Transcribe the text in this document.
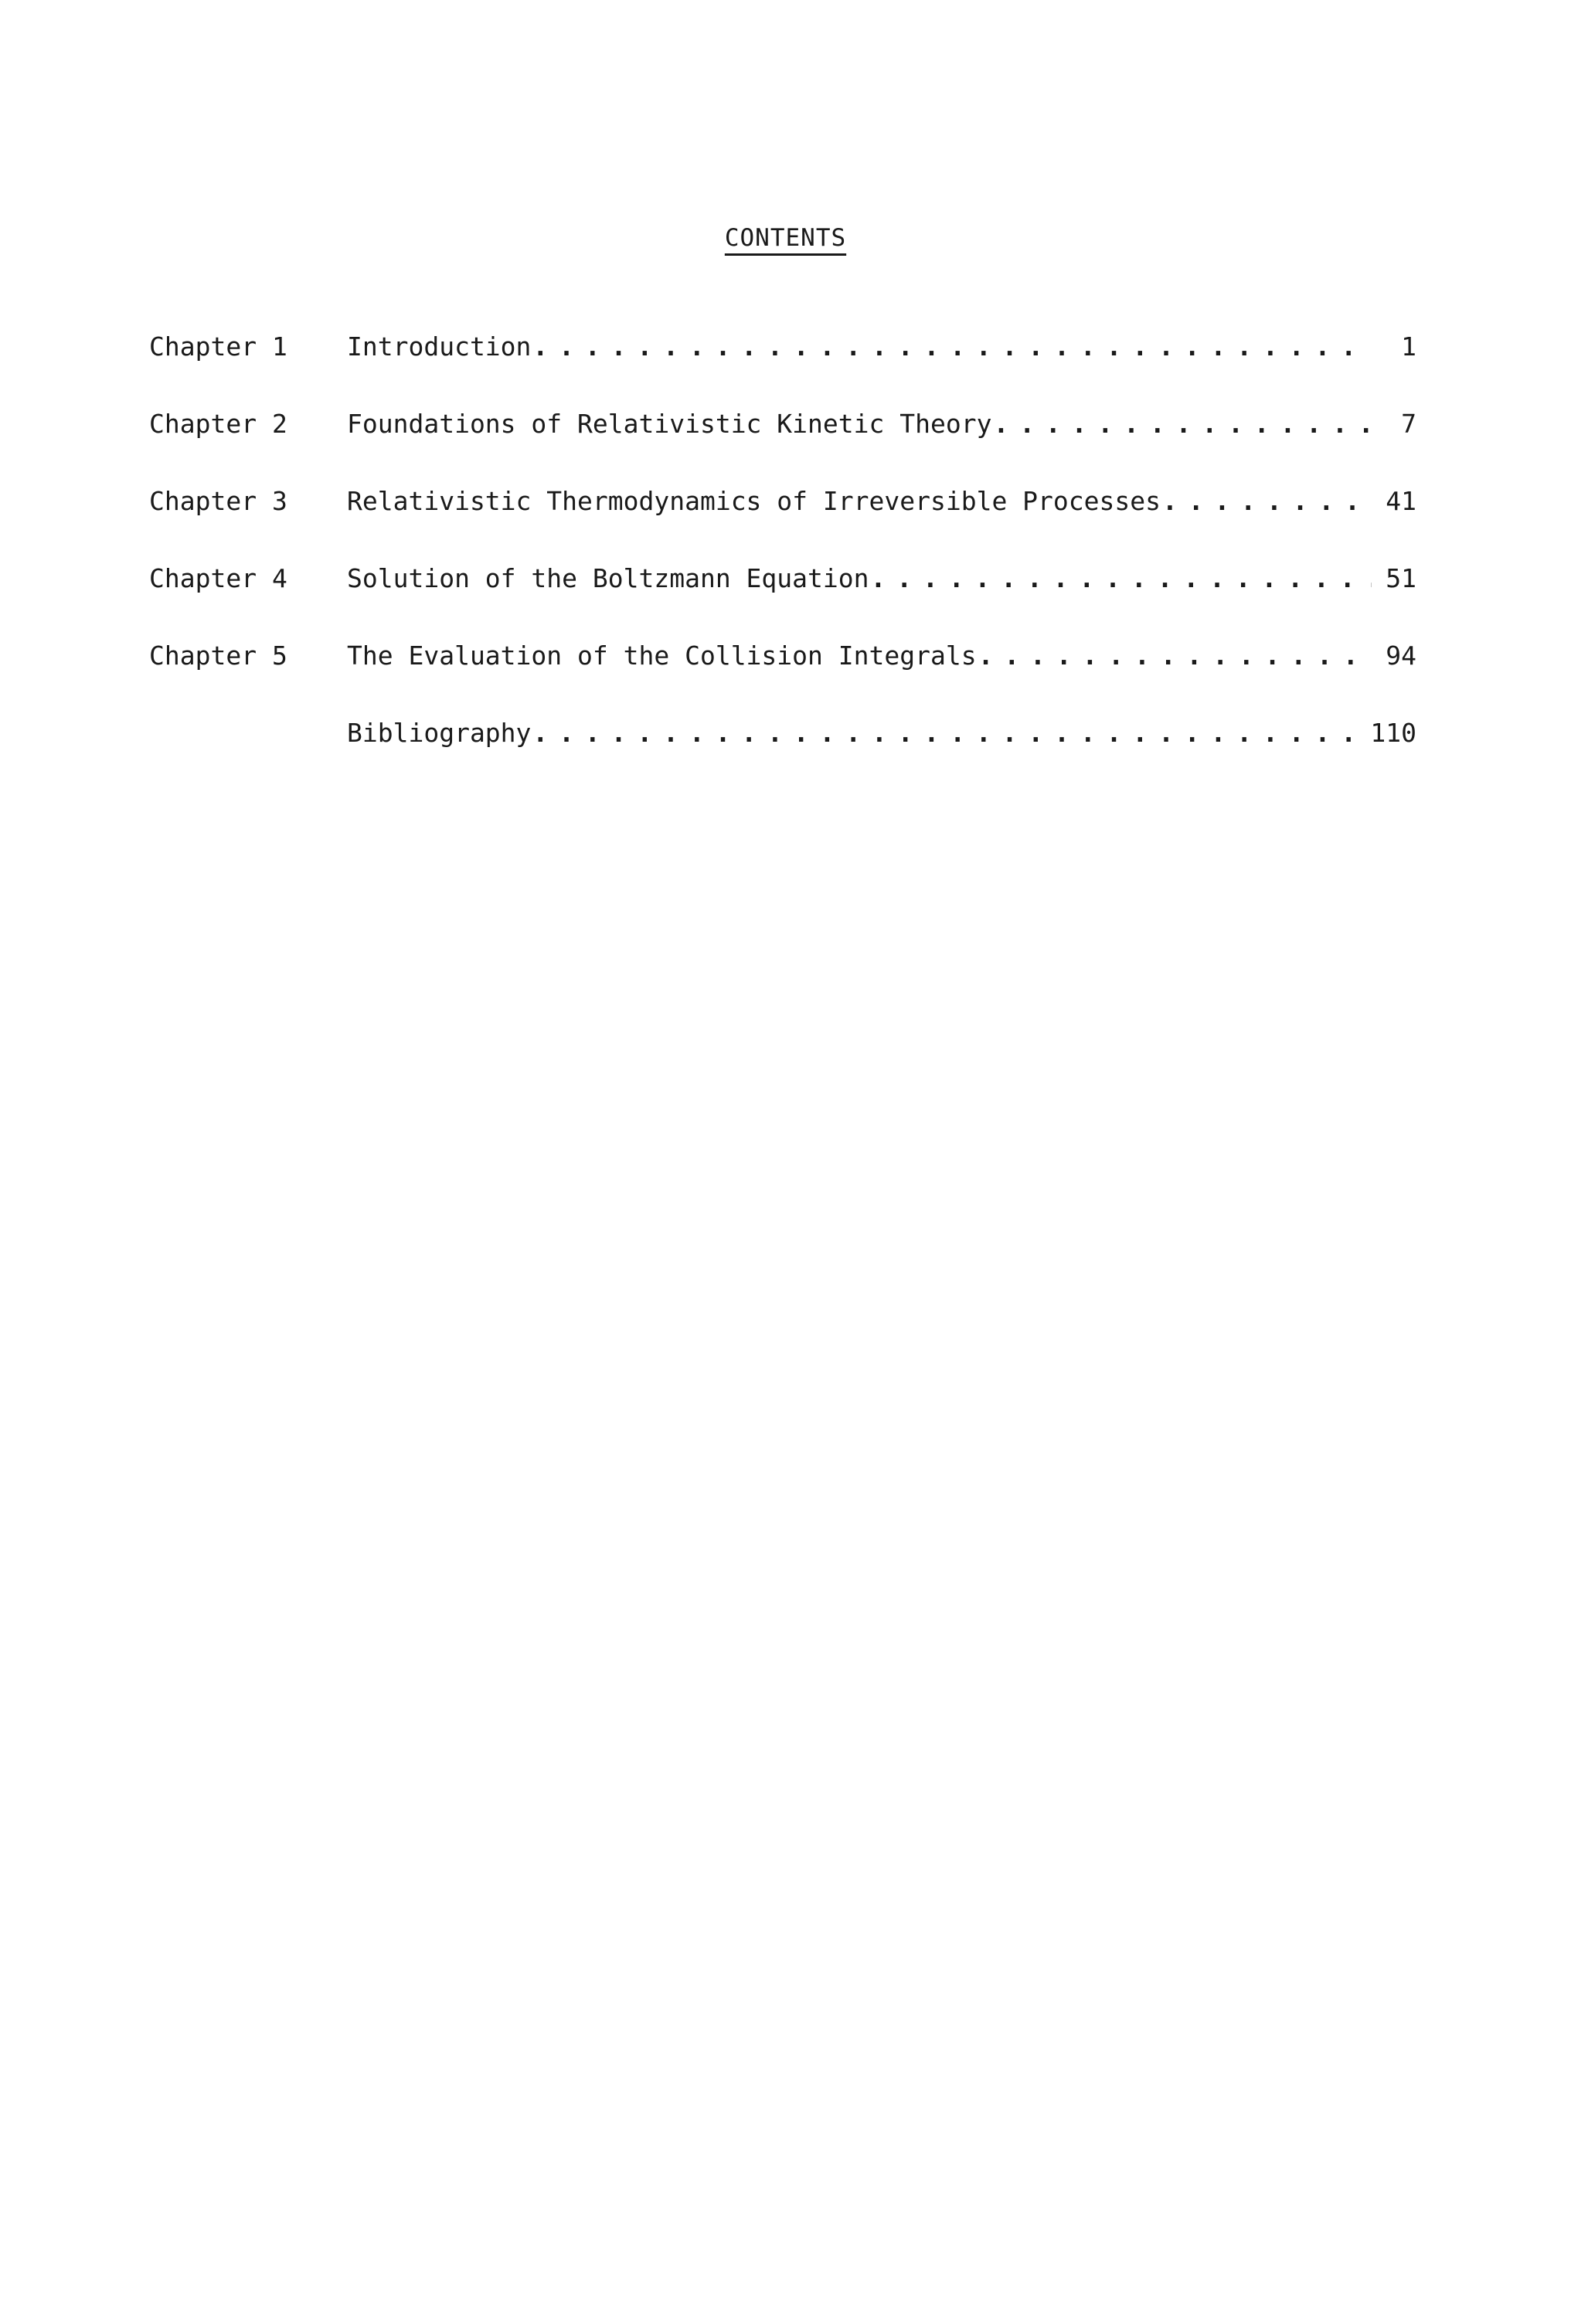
CONTENTS
Chapter 1 Introduction . . .	1
Chapter 2 Foundations of Relativistic Kinetic Theory . . .	7
Chapter 3 Relativistic Thermodynamics of Irreversible Processes . . .	41
Chapter 4 Solution of the Boltzmann Equation . . .	51
Chapter 5 The Evaluation of the Collision Integrals . . .	94
Bibliography . . .	110
